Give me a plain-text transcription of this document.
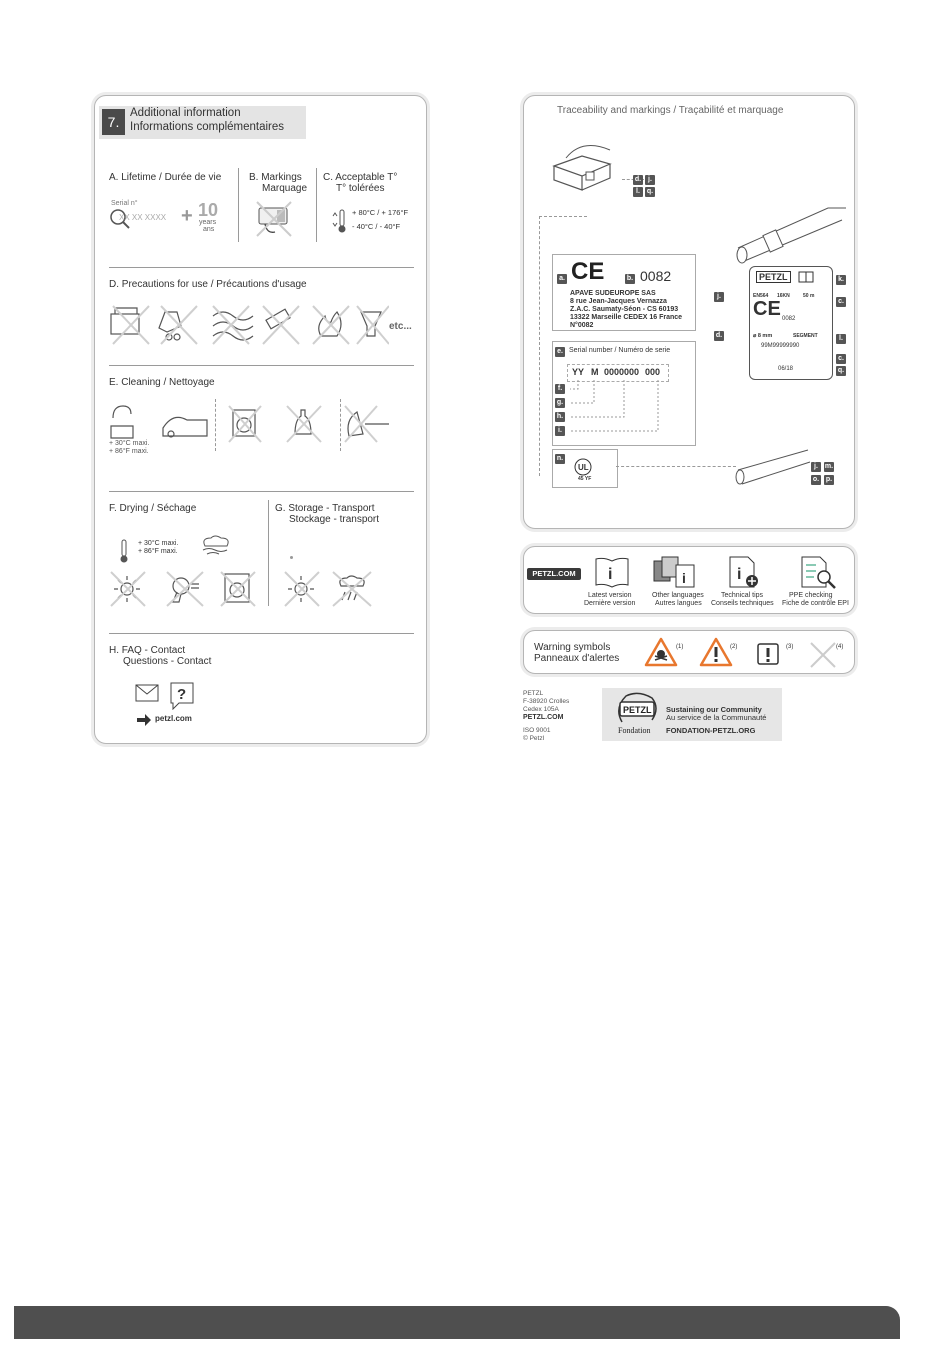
7.
Additional information
Informations complémentaires
A. Lifetime / Durée de vie
Serial n°
XX XX XXXX + 10
years
ans
B. Markings
Marquage
C. Acceptable T°
T° tolérées
+ 80°C / + 176°F
- 40°C / - 40°F
D. Precautions for use / Précautions d'usage
etc...
E. Cleaning / Nettoyage
+ 30°C maxi.
+ 86°F maxi.
F. Drying / Séchage
+ 30°C maxi.
+ 86°F maxi.
G. Storage - Transport
Stockage - transport
H. FAQ - Contact
Questions - Contact
?
petzl.com
Traceability and markings / Traçabilité et marquage
d. j.
l. q.
a. CE	b. 0082
APAVE SUDEUROPE SAS
8 rue Jean-Jacques Vernazza
Z.A.C. Saumaty-Séon - CS 60193
13322 Marseille CEDEX 16 France
N°0082
e. Serial number / Numéro de serie
YY M 0000000 000
f.
g.
h.
i.
n.
UL
45 YF
PETZL
EN564 16KN	50 m
CE 0082
⌀ 8 mm	SEGMENT
99M99999990
06/18
k.
j.
c.
d.	l.
c.
q.
j. m.
o. p.
PETZL.COM	i	i	i
Latest version
Dernière version
Other languages
Autres langues
Technical tips
Conseils techniques
PPE checking
Fiche de contrôle EPI
Warning symbols
Panneaux d'alertes
(1)	(2)	(3)	(4)
PETZL
F-38920 Crolles
Cedex 105A
PETZL.COM
ISO 9001
© Petzl
PETZL
Fondation
Sustaining our Community
Au service de la Communauté
FONDATION-PETZL.ORG
